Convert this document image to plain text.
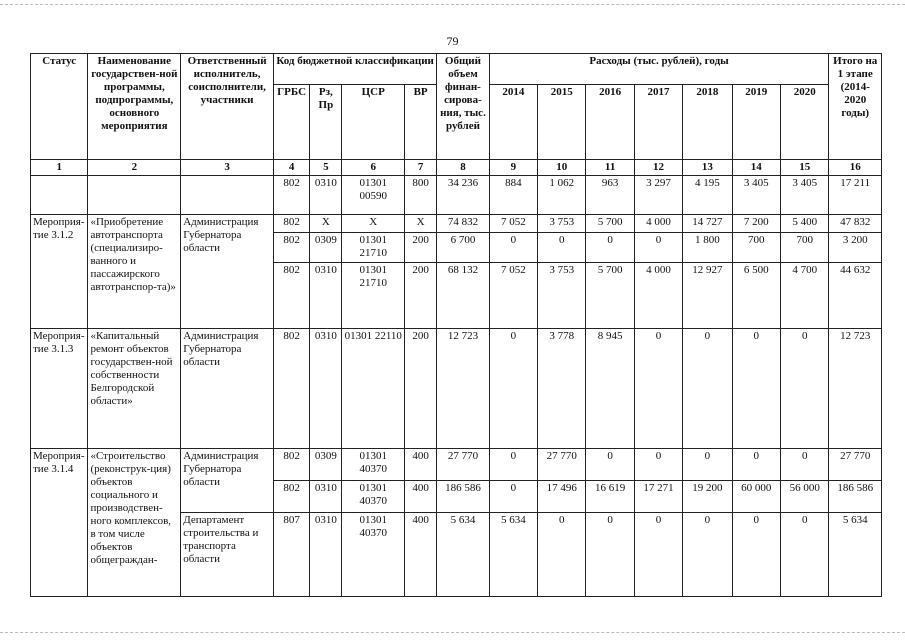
79
Статус	Наименование государствен-ной программы, подпрограммы, основного мероприятия	Ответственный исполнитель, соисполнители, участники	Код бюджетной классификации				Общий объем финан-сирова-ния, тыс. рублей	Расходы (тыс. рублей), годы							Итого на 1 этапе (2014-2020 годы)
			ГРБС	Рз, Пр	ЦСР	ВР		2014	2015	2016	2017	2018	2019	2020	
1	2	3	4	5	6	7	8	9	10	11	12	13	14	15	16
			802	0310	01301 00590	800	34 236	884	1 062	963	3 297	4 195	3 405	3 405	17 211
Мероприя-тие 3.1.2	«Приобретение автотранспорта (специализиро-ванного и пассажирского автотранспор-та)»	Администрация Губернатора области	802	Х	Х	Х	74 832	7 052	3 753	5 700	4 000	14 727	7 200	5 400	47 832
			802	0309	01301 21710	200	6 700	0	0	0	0	1 800	700	700	3 200
			802	0310	01301 21710	200	68 132	7 052	3 753	5 700	4 000	12 927	6 500	4 700	44 632
Мероприя-тие 3.1.3	«Капитальный ремонт объектов государствен-ной собственности Белгородской области»	Администрация Губернатора области	802	0310	01301 22110	200	12 723	0	3 778	8 945	0	0	0	0	12 723
Мероприя-тие 3.1.4	«Строительство (реконструк-ция) объектов социального и производствен-ного комплексов, в том числе объектов общеграждан-	Администрация Губернатора области	802	0309	01301 40370	400	27 770	0	27 770	0	0	0	0	0	27 770
			802	0310	01301 40370	400	186 586	0	17 496	16 619	17 271	19 200	60 000	56 000	186 586
		Департамент строительства и транспорта области	807	0310	01301 40370	400	5 634	5 634	0	0	0	0	0	0	5 634
